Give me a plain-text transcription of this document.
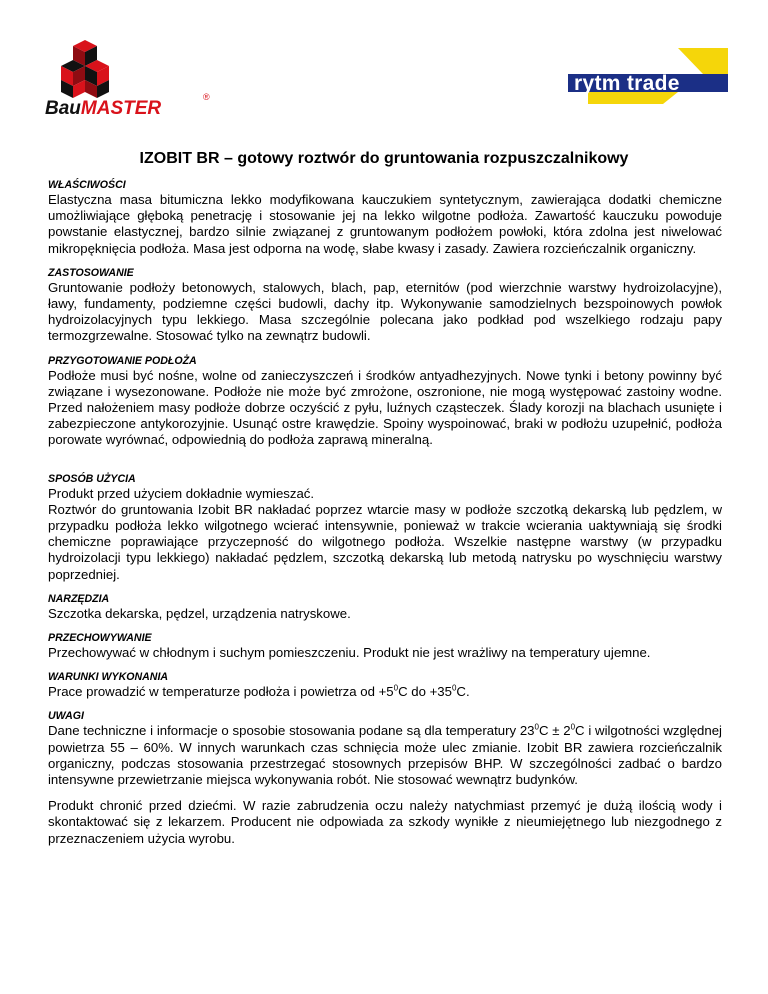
BauMASTER
®
rytm trade
IZOBIT BR – gotowy roztwór do gruntowania rozpuszczalnikowy
WŁAŚCIWOŚCI

Elastyczna masa bitumiczna lekko modyfikowana kauczukiem syntetycznym, zawierająca dodatki chemiczne umożliwiające głęboką penetrację i stosowanie jej na lekko wilgotne podłoża. Zawartość kauczuku powoduje powstanie elastycznej, bardzo silnie związanej z gruntowanym podłożem powłoki, która zdolna jest niwelować mikropęknięcia podłoża. Masa jest odporna na wodę, słabe kwasy i zasady. Zawiera rozcieńczalnik organiczny.

ZASTOSOWANIE

Gruntowanie podłoży betonowych, stalowych, blach, pap, eternitów (pod wierzchnie warstwy hydroizolacyjne), ławy, fundamenty, podziemne części budowli, dachy itp. Wykonywanie samodzielnych bezspoinowych powłok hydroizolacyjnych typu lekkiego. Masa szczególnie polecana jako podkład pod wszelkiego rodzaju papy termozgrzewalne. Stosować tylko na zewnątrz budowli.

PRZYGOTOWANIE PODŁOŻA

Podłoże musi być nośne, wolne od zanieczyszczeń i środków antyadhezyjnych. Nowe tynki i betony powinny być związane i wysezonowane. Podłoże nie może być zmrożone, oszronione, nie mogą występować zastoiny wodne. Przed nałożeniem masy podłoże dobrze oczyścić z pyłu, luźnych cząsteczek. Ślady korozji na blachach usunięte i zabezpieczone antykorozyjnie. Usunąć ostre krawędzie. Spoiny wyspoinować, braki w podłożu uzupełnić, podłoża porowate wyrównać, odpowiednią do podłoża zaprawą mineralną.

SPOSÓB UŻYCIA

Produkt przed użyciem dokładnie wymieszać.

Roztwór do gruntowania Izobit BR nakładać poprzez wtarcie masy w podłoże szczotką dekarską lub pędzlem, w przypadku podłoża lekko wilgotnego wcierać intensywnie, ponieważ w trakcie wcierania uaktywniają się środki chemiczne poprawiające przyczepność do wilgotnego podłoża. Wszelkie następne warstwy (w przypadku hydroizolacji typu lekkiego) nakładać pędzlem, szczotką dekarską lub metodą natrysku po wyschnięciu warstwy poprzedniej.

NARZĘDZIA

Szczotka dekarska, pędzel, urządzenia natryskowe.

PRZECHOWYWANIE

Przechowywać w chłodnym i suchym pomieszczeniu. Produkt nie jest wrażliwy na temperatury ujemne.

WARUNKI WYKONANIA

Prace prowadzić w temperaturze podłoża i powietrza od $+5^0C$ do $+35^0C$.

UWAGI

Dane techniczne i informacje o sposobie stosowania podane są dla temperatury $23^0C \pm 2^0C$ i wilgotności względnej powietrza 55 – 60%. W innych warunkach czas schnięcia może ulec zmianie. Izobit BR zawiera rozcieńczalnik organiczny, podczas stosowania przestrzegać stosownych przepisów BHP. W szczególności zadbać o bardzo intensywne przewietrzanie miejsca wykonywania robót. Nie stosować wewnątrz budynków.

Produkt chronić przed dziećmi. W razie zabrudzenia oczu należy natychmiast przemyć je dużą ilością wody i skontaktować się z lekarzem. Producent nie odpowiada za szkody wynikłe z nieumiejętnego lub niezgodnego z przeznaczeniem użycia wyrobu.
